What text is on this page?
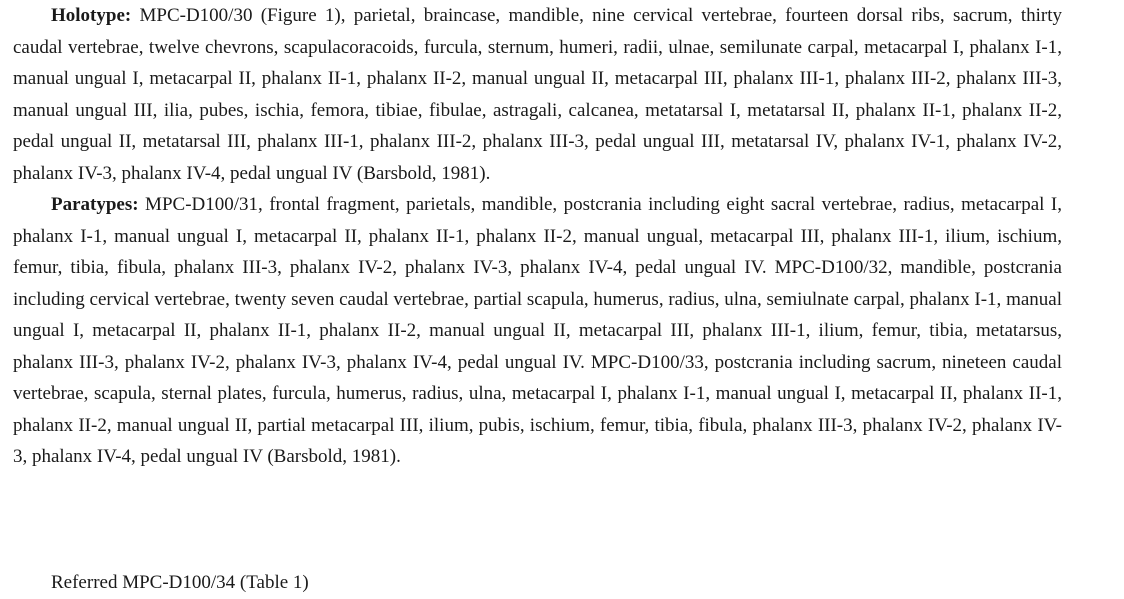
Holotype: MPC-D100/30 (Figure 1), parietal, braincase, mandible, nine cervical vertebrae, fourteen dorsal ribs, sacrum, thirty caudal vertebrae, twelve chevrons, scapulacoracoids, furcula, sternum, humeri, radii, ulnae, semilunate carpal, metacarpal I, phalanx I-1, manual ungual I, metacarpal II, phalanx II-1, phalanx II-2, manual ungual II, metacarpal III, phalanx III-1, phalanx III-2, phalanx III-3, manual ungual III, ilia, pubes, ischia, femora, tibiae, fibulae, astragali, calcanea, metatarsal I, metatarsal II, phalanx II-1, phalanx II-2, pedal ungual II, metatarsal III, phalanx III-1, phalanx III-2, phalanx III-3, pedal ungual III, metatarsal IV, phalanx IV-1, phalanx IV-2, phalanx IV-3, phalanx IV-4, pedal ungual IV (Barsbold, 1981).

Paratypes: MPC-D100/31, frontal fragment, parietals, mandible, postcrania including eight sacral vertebrae, radius, metacarpal I, phalanx I-1, manual ungual I, metacarpal II, phalanx II-1, phalanx II-2, manual ungual, metacarpal III, phalanx III-1, ilium, ischium, femur, tibia, fibula, phalanx III-3, phalanx IV-2, phalanx IV-3, phalanx IV-4, pedal ungual IV. MPC-D100/32, mandible, postcrania including cervical vertebrae, twenty seven caudal vertebrae, partial scapula, humerus, radius, ulna, semiulnate carpal, phalanx I-1, manual ungual I, metacarpal II, phalanx II-1, phalanx II-2, manual ungual II, metacarpal III, phalanx III-1, ilium, femur, tibia, metatarsus, phalanx III-3, phalanx IV-2, phalanx IV-3, phalanx IV-4, pedal ungual IV. MPC-D100/33, postcrania including sacrum, nineteen caudal vertebrae, scapula, sternal plates, furcula, humerus, radius, ulna, metacarpal I, phalanx I-1, manual ungual I, metacarpal II, phalanx II-1, phalanx II-2, manual ungual II, partial metacarpal III, ilium, pubis, ischium, femur, tibia, fibula, phalanx III-3, phalanx IV-2, phalanx IV-3, phalanx IV-4, pedal ungual IV (Barsbold, 1981).

Referred MPC-D100/34 (Table 1)
